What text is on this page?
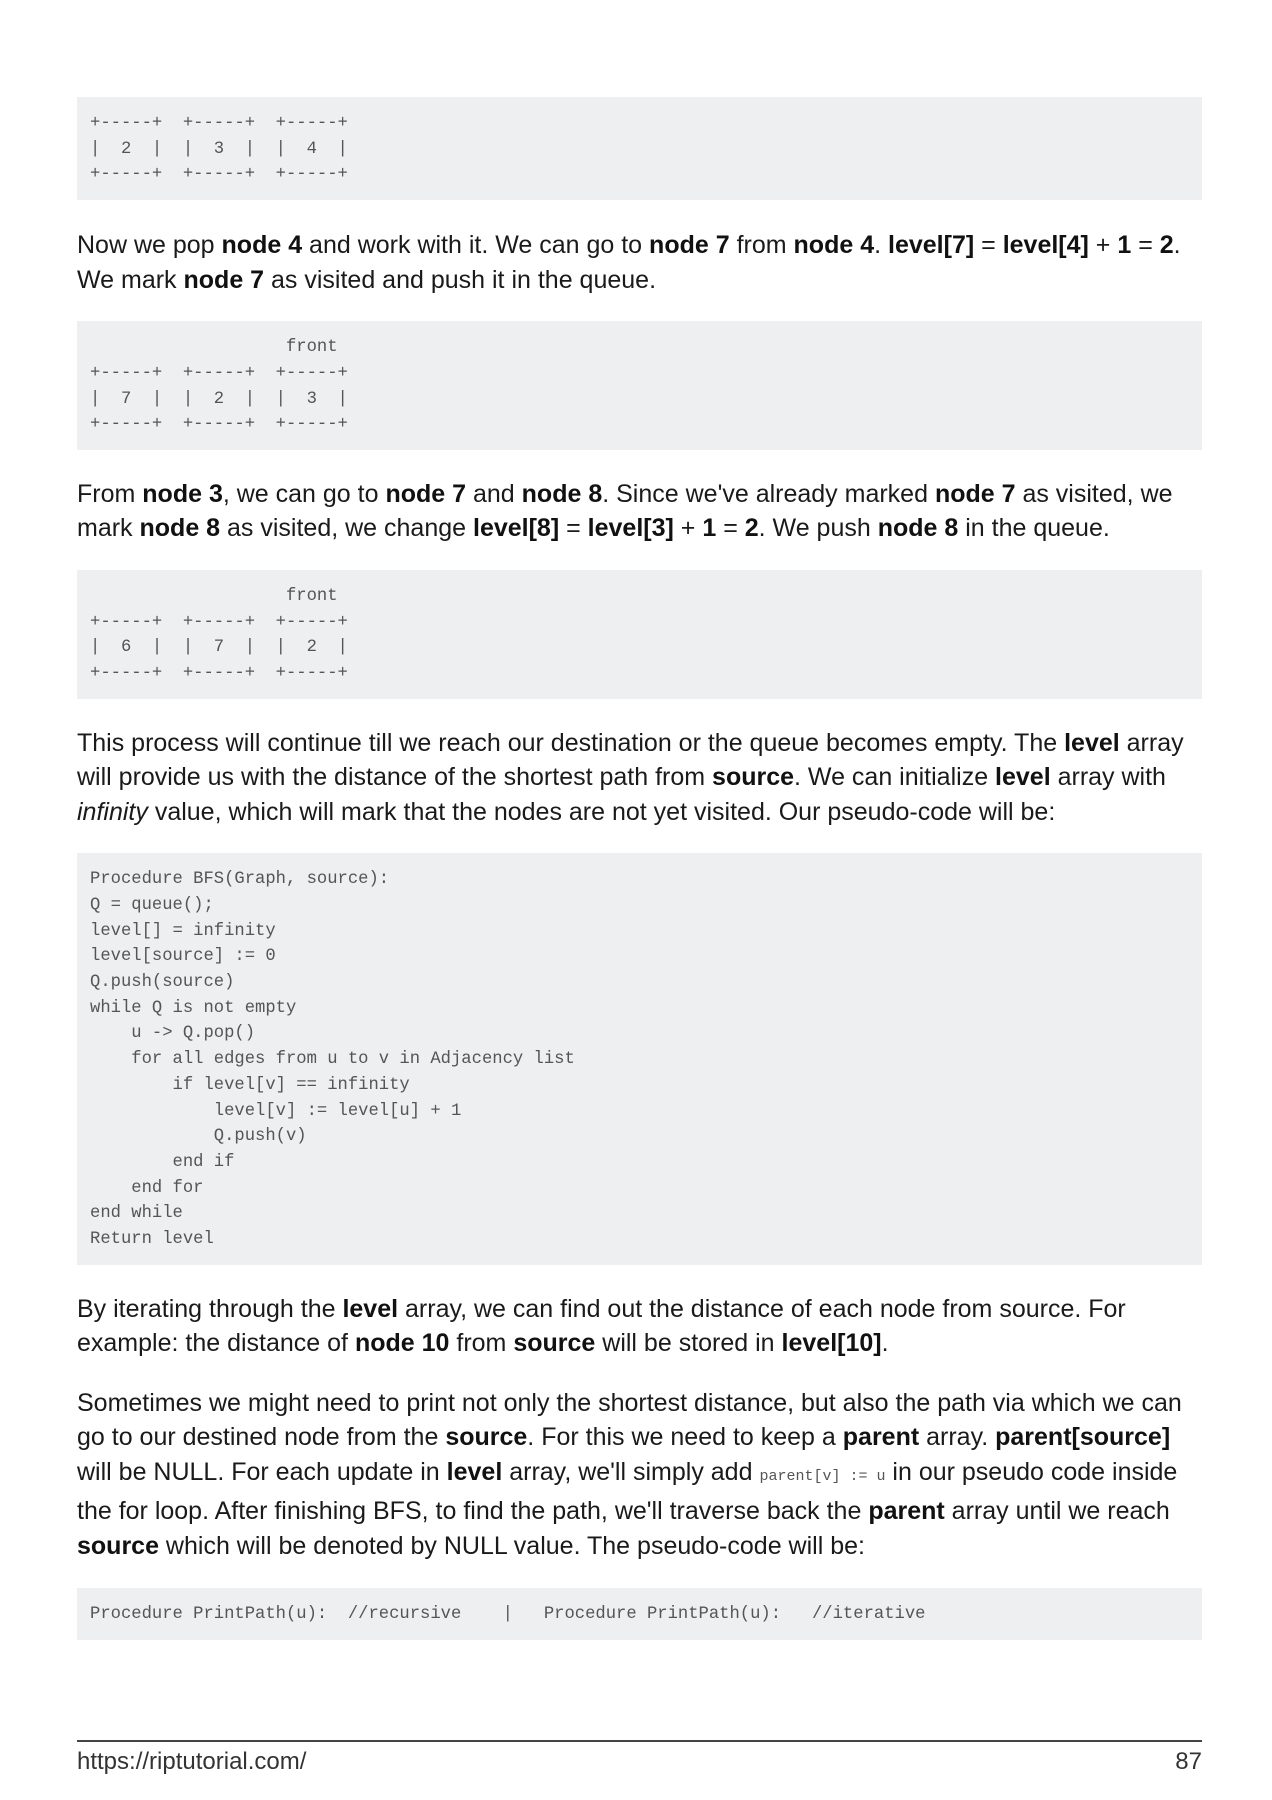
+-----+  +-----+  +-----+
|  2  |  |  3  |  |  4  |
+-----+  +-----+  +-----+

Now we pop node 4 and work with it. We can go to node 7 from node 4. level[7] = level[4] + 1 = 2. We mark node 7 as visited and push it in the queue.

front
+-----+  +-----+  +-----+
|  7  |  |  2  |  |  3  |
+-----+  +-----+  +-----+

From node 3, we can go to node 7 and node 8. Since we've already marked node 7 as visited, we mark node 8 as visited, we change level[8] = level[3] + 1 = 2. We push node 8 in the queue.

front
+-----+  +-----+  +-----+
|  6  |  |  7  |  |  2  |
+-----+  +-----+  +-----+

This process will continue till we reach our destination or the queue becomes empty. The level array will provide us with the distance of the shortest path from source. We can initialize level array with infinity value, which will mark that the nodes are not yet visited. Our pseudo-code will be:

Procedure BFS(Graph, source):
Q = queue();
level[] = infinity
level[source] := 0
Q.push(source)
while Q is not empty
u -> Q.pop()
for all edges from u to v in Adjacency list
if level[v] == infinity
level[v] := level[u] + 1
Q.push(v)
end if
end for
end while
Return level

By iterating through the level array, we can find out the distance of each node from source. For example: the distance of node 10 from source will be stored in level[10].

Sometimes we might need to print not only the shortest distance, but also the path via which we can go to our destined node from the source. For this we need to keep a parent array. parent[source] will be NULL. For each update in level array, we'll simply add parent[v] := u in our pseudo code inside the for loop. After finishing BFS, to find the path, we'll traverse back the parent array until we reach source which will be denoted by NULL value. The pseudo-code will be:

Procedure PrintPath(u):  //recursive    |   Procedure PrintPath(u):   //iterative
https://riptutorial.com/	87
